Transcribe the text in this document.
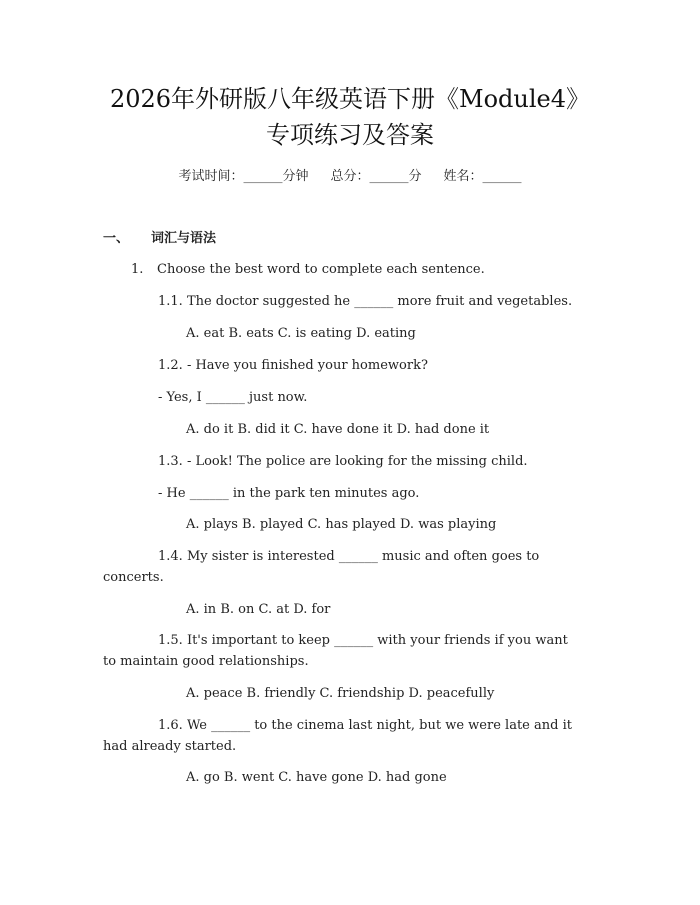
2026年外研版八年级英语下册《Module4》
专项练习及答案
考试时间：______分钟 总分：______分 姓名：______
一、 词汇与语法
1. Choose the best word to complete each sentence.
1.1. The doctor suggested he ______ more fruit and vegetables.
A. eat B. eats C. is eating D. eating
1.2. - Have you finished your homework?
- Yes, I ______ just now.
A. do it B. did it C. have done it D. had done it
1.3. - Look! The police are looking for the missing child.
- He ______ in the park ten minutes ago.
A. plays B. played C. has played D. was playing
1.4. My sister is interested ______ music and often goes to
concerts.
A. in B. on C. at D. for
1.5. It's important to keep ______ with your friends if you want
to maintain good relationships.
A. peace B. friendly C. friendship D. peacefully
1.6. We ______ to the cinema last night, but we were late and it
had already started.
A. go B. went C. have gone D. had gone
